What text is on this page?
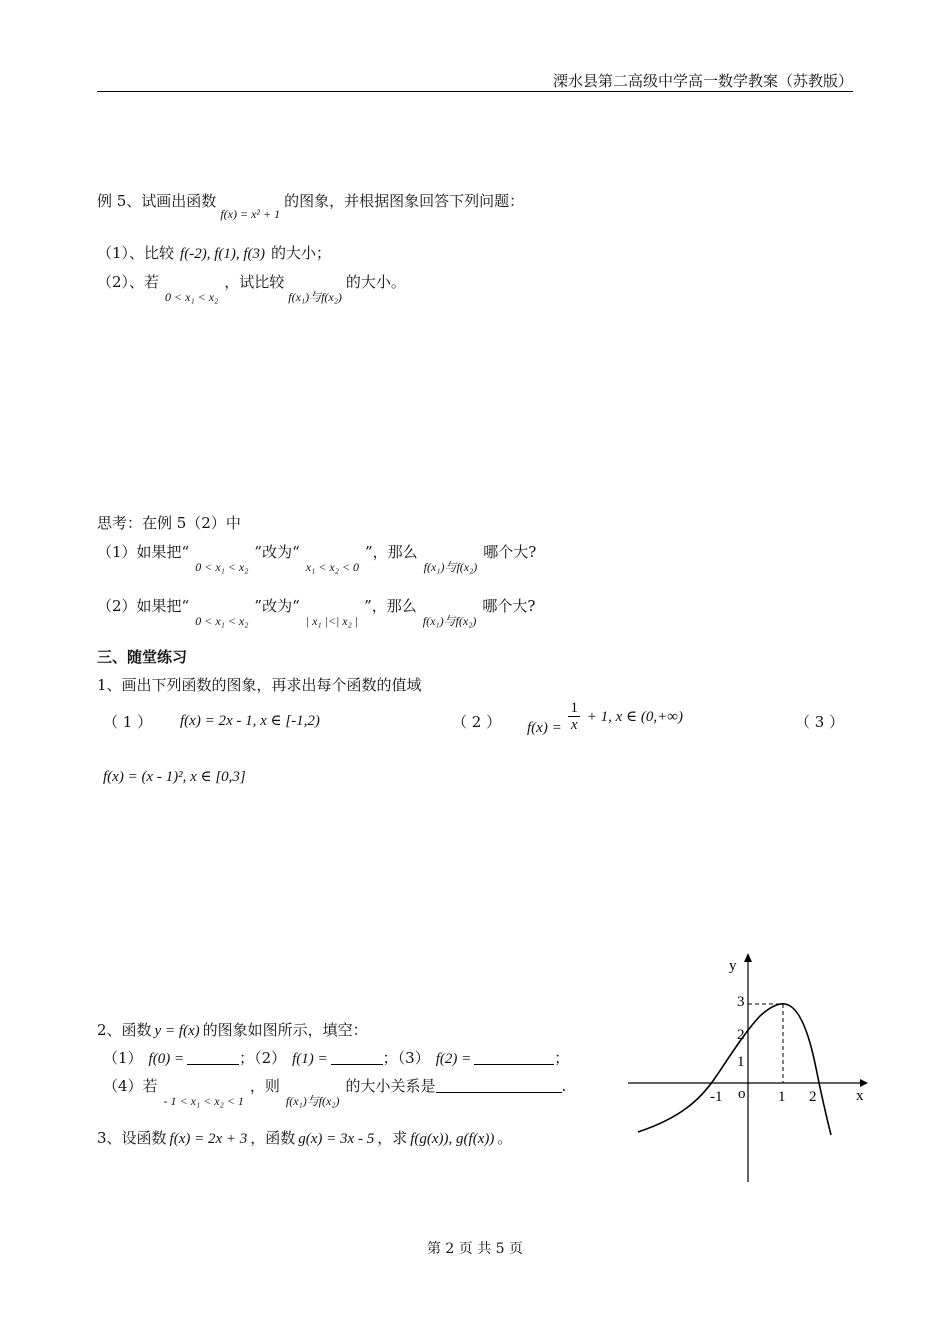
溧水县第二高级中学高一数学教案（苏教版）
例 5、试画出函数$_{f(x) = x^2 + 1}$的图象，并根据图象回答下列问题：
（1）、比较 f(-2), f(1), f(3) 的大小；
（2）、若$_{0 < x_1 < x_2}$，试比较$_{f(x_1)与f(x_2)}$的大小。
思考：在例 5（2）中
（1）如果把“$_{0 < x_1 < x_2}$”改为“$_{x_1 < x_2 < 0}$”，那么$_{f(x_1)与f(x_2)}$哪个大?
（2）如果把“$_{0 < x_1 < x_2}$”改为“$_{| x_1 |<| x_2 |}$”，那么$_{f(x_1)与f(x_2)}$哪个大?
三、随堂练习
1、画出下列函数的图象，再求出每个函数的值域
（ 1 ） f(x) = 2x - 1, x ∈ [-1,2)	（ 2 ） $f(x) = \frac{1}{x} + 1$, x ∈ (0,+∞)	（ 3 ）
f(x) = (x - 1)², x ∈ [0,3]
2、函数 y = f(x) 的图象如图所示，填空：
（1） f(0) =	；（2） f(1) =	；（3） f(2) =	；
（4）若$_{- 1 < x_1 < x_2 < 1}$，则$_{f(x_1)与f(x_2)}$的大小关系是	.
3、设函数 f(x) = 2x + 3 ，函数 g(x) = 3x - 5 ，求 f(g(x)), g(f(x)) 。
y
x
o
-1	1 2
1
2
3
第 2 页 共 5 页
